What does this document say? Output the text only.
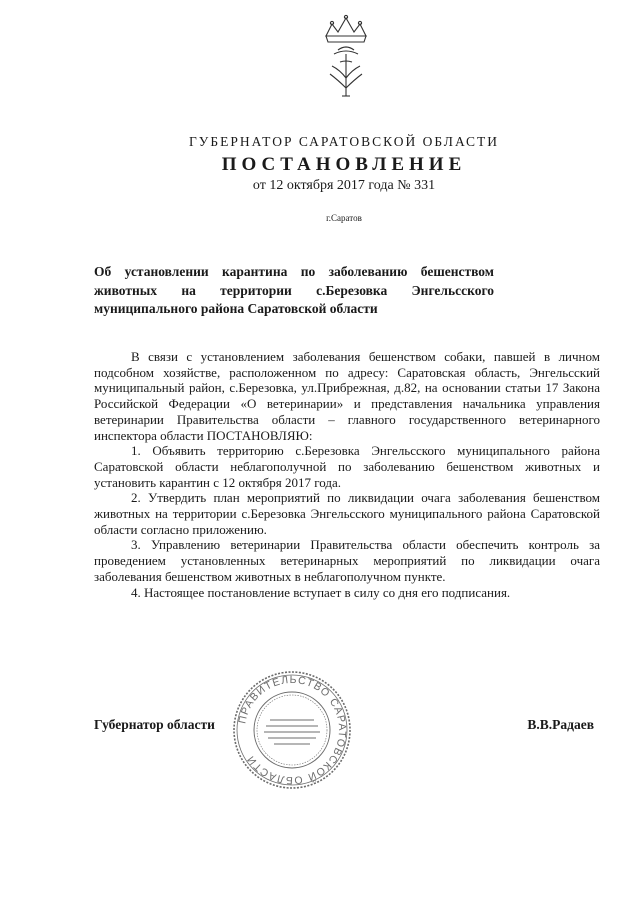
ГУБЕРНАТОР САРАТОВСКОЙ ОБЛАСТИ
ПОСТАНОВЛЕНИЕ
от 12 октября 2017 года № 331
г.Саратов
Об установлении карантина по заболеванию бешенством
животных на территории с.Березовка Энгельсского
муниципального района Саратовской области

В связи с установлением заболевания бешенством собаки, павшей в личном подсобном хозяйстве, расположенном по адресу: Саратовская область, Энгельсский муниципальный район, с.Березовка, ул.Прибрежная, д.82, на основании статьи 17 Закона Российской Федерации «О ветеринарии» и представления начальника управления ветеринарии Правительства области – главного государственного ветеринарного инспектора области ПОСТАНОВЛЯЮ:

1. Объявить территорию с.Березовка Энгельсского муниципального района Саратовской области неблагополучной по заболеванию бешенством животных и установить карантин с 12 октября 2017 года.

2. Утвердить план мероприятий по ликвидации очага заболевания бешенством животных на территории с.Березовка Энгельсского муниципального района Саратовской области согласно приложению.

3. Управлению ветеринарии Правительства области обеспечить контроль за проведением установленных ветеринарных мероприятий по ликвидации очага заболевания бешенством животных в неблагополучном пункте.

4. Настоящее постановление вступает в силу со дня его подписания.

ПРАВИТЕЛЬСТВО САРАТОВСКОЙ ОБЛАСТИ
Губернатор области	В.В.Радаев
